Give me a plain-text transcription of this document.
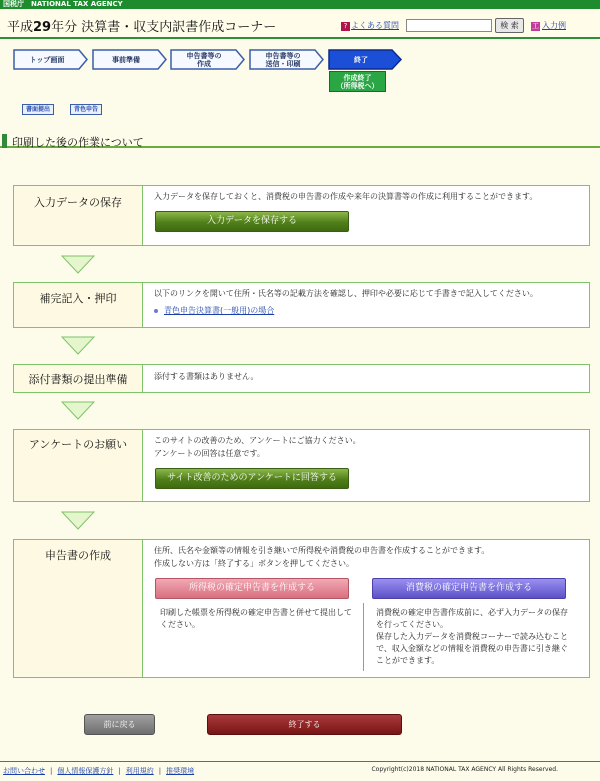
国税庁　NATIONAL TAX AGENCY
平成29年分 決算書・収支内訳書作成コーナー	? よくある質問	検 索	工 入力例
トップ画面	事前準備	申告書等の
作成
申告書等の
送信・印刷	終了
作成終了
（所得税へ）
書面提出	青色申告
印刷した後の作業について
入力データの保存	入力データを保存しておくと、消費税の申告書の作成や来年の決算書等の作成に利用することができます。
入力データを保存する
補完記入・押印	以下のリンクを開いて住所・氏名等の記載方法を確認し、押印や必要に応じて手書きで記入してください。
青色申告決算書(一般用)の場合
添付書類の提出準備	添付する書類はありません。
アンケートのお願い	このサイトの改善のため、アンケートにご協力ください。
アンケートの回答は任意です。
サイト改善のためのアンケートに回答する
申告書の作成	住所、氏名や金額等の情報を引き継いで所得税や消費税の申告書を作成することができます。
作成しない方は「終了する」ボタンを押してください。
所得税の確定申告書を作成する	消費税の確定申告書を作成する
印刷した帳票を所得税の確定申告書と併せて提出してください。
消費税の確定申告書作成前に、必ず入力データの保存を行ってください。
保存した入力データを消費税コーナーで読み込むことで、収入金額などの情報を消費税の申告書に引き継ぐことができます。
前に戻る	終了する
お問い合わせ | 個人情報保護方針 | 利用規約 | 推奨環境	Copyright(c)2018 NATIONAL TAX AGENCY All Rights Reserved.
